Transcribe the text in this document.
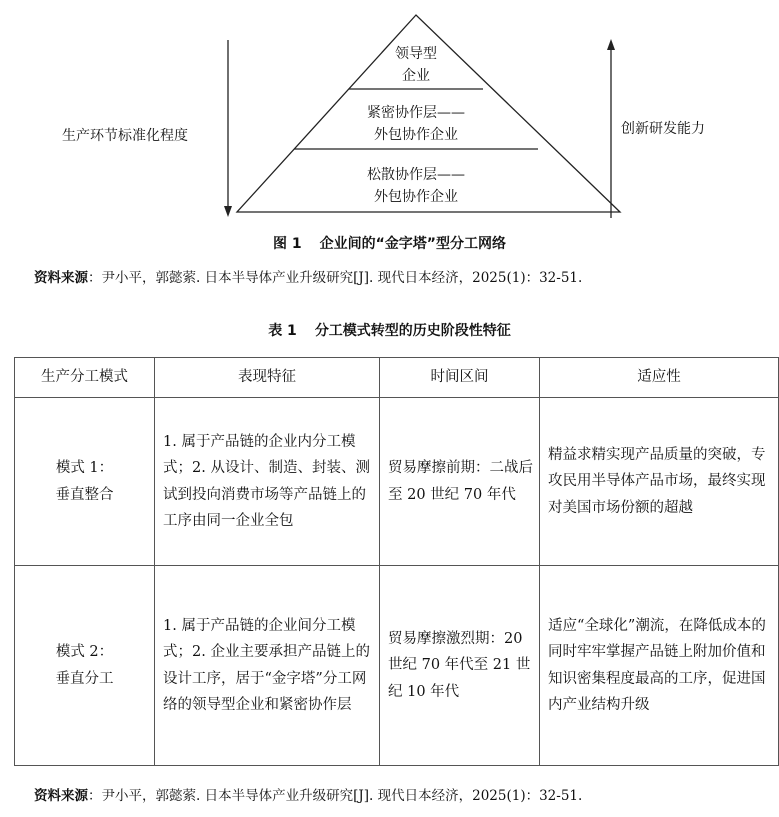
领导型
企业
紧密协作层——
外包协作企业
松散协作层——
外包协作企业
生产环节标准化程度	创新研发能力
图 1 企业间的“金字塔”型分工网络
资料来源：尹小平，郭懿萦. 日本半导体产业升级研究[J]. 现代日本经济，2025(1)：32-51.
表 1 分工模式转型的历史阶段性特征
生产分工模式	表现特征	时间区间	适应性

模式 1：
垂直整合	1. 属于产品链的企业内分工模式；2. 从设计、制造、封装、测试到投向消费市场等产品链上的工序由同一企业全包	贸易摩擦前期：二战后至 20 世纪 70 年代	精益求精实现产品质量的突破，专攻民用半导体产品市场，最终实现对美国市场份额的超越

模式 2：
垂直分工	1. 属于产品链的企业间分工模式；2. 企业主要承担产品链上的设计工序，居于“金字塔”分工网络的领导型企业和紧密协作层	贸易摩擦激烈期：20 世纪 70 年代至 21 世纪 10 年代	适应“全球化”潮流，在降低成本的同时牢牢掌握产品链上附加价值和知识密集程度最高的工序，促进国内产业结构升级
资料来源：尹小平，郭懿萦. 日本半导体产业升级研究[J]. 现代日本经济，2025(1)：32-51.
